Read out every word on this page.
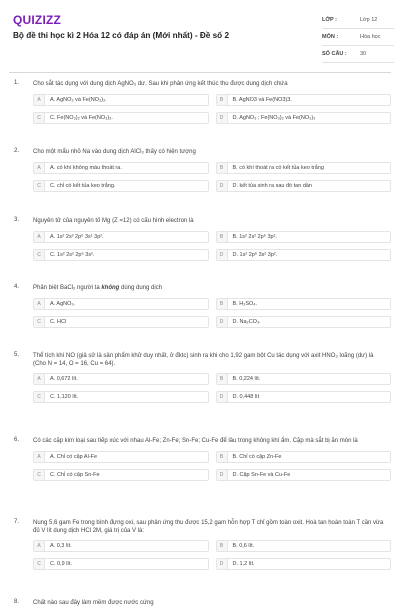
QUIZIZZ
Bộ đề thi học kì 2 Hóa 12 có đáp án (Mới nhất) - Đề số 2
LỚP :	Lớp 12
MÔN :	Hóa học
SỐ CÂU :	30
1. Cho sắt tác dụng với dung dịch AgNO₃ dư. Sau khi phản ứng kết thúc thu được dung dịch chứa
A	A. AgNO₃ và Fe(NO₃)₂.	B	B. AgNO3 và Fe(NO3)3.
C	C. Fe(NO₃)₂ và Fe(NO₃)₃.	D	D. AgNO₃ ; Fe(NO₃)₂ và Fe(NO₃)₃
2. Cho một mẩu nhỏ Na vào dung dịch AlCl₃ thấy có hiện tượng
A	A. có khí không màu thoát ra.	B	B. có khí thoát ra có kết tủa keo trắng
C	C. chỉ có kết tủa keo trắng.	D	D. kết tủa sinh ra sau đó tan dần
3. Nguyên tử của nguyên tố Mg (Z =12) có cấu hình electron là
A	A. 1s² 2s² 2p⁶ 3s¹ 3p².	B	B. 1s² 2s² 2p⁶ 3p².
C	C. 1s² 2s² 2p⁶ 3s².	D	D. 1s² 2p⁶ 3s² 3p².
4. Phân biệt BaCl₂ người ta không dùng dung dịch
A	A. AgNO₃.	B	B. H₂SO₄.
C	C. HCl	D	D. Na₂CO₃.
5. Thể tích khí NO (giả sử là sản phẩm khử duy nhất, ở đktc) sinh ra khi cho 1,92 gam bột Cu tác dụng với axit HNO₃ loãng (dư) là (Cho N = 14, O = 16, Cu = 64).
A	A. 0,672 lít.	B	B. 0,224 lít.
C	C. 1,120 lít.	D	D. 0,448 lít
6. Có các cặp kim loại sau tiếp xúc với nhau Al-Fe; Zn-Fe; Sn-Fe; Cu-Fe để lâu trong không khí ẩm. Cặp mà sắt bị ăn mòn là
A	A. Chỉ có cặp Al-Fe	B	B. Chỉ có cặp Zn-Fe
C	C. Chỉ có cặp Sn-Fe	D	D. Cặp Sn-Fe và Cu-Fe
7. Nung 5,6 gam Fe trong bình đựng oxi, sau phản ứng thu được 15,2 gam hỗn hợp T chỉ gồm toàn oxit. Hoà tan hoàn toàn T cần vừa đủ V lít dung dịch HCl 2M, giá trị của V là:
A	A. 0,3 lít.	B	B. 0,6 lít.
C	C. 0,9 lít.	D	D. 1,2 lít.
8. Chất nào sau đây làm mềm được nước cứng
